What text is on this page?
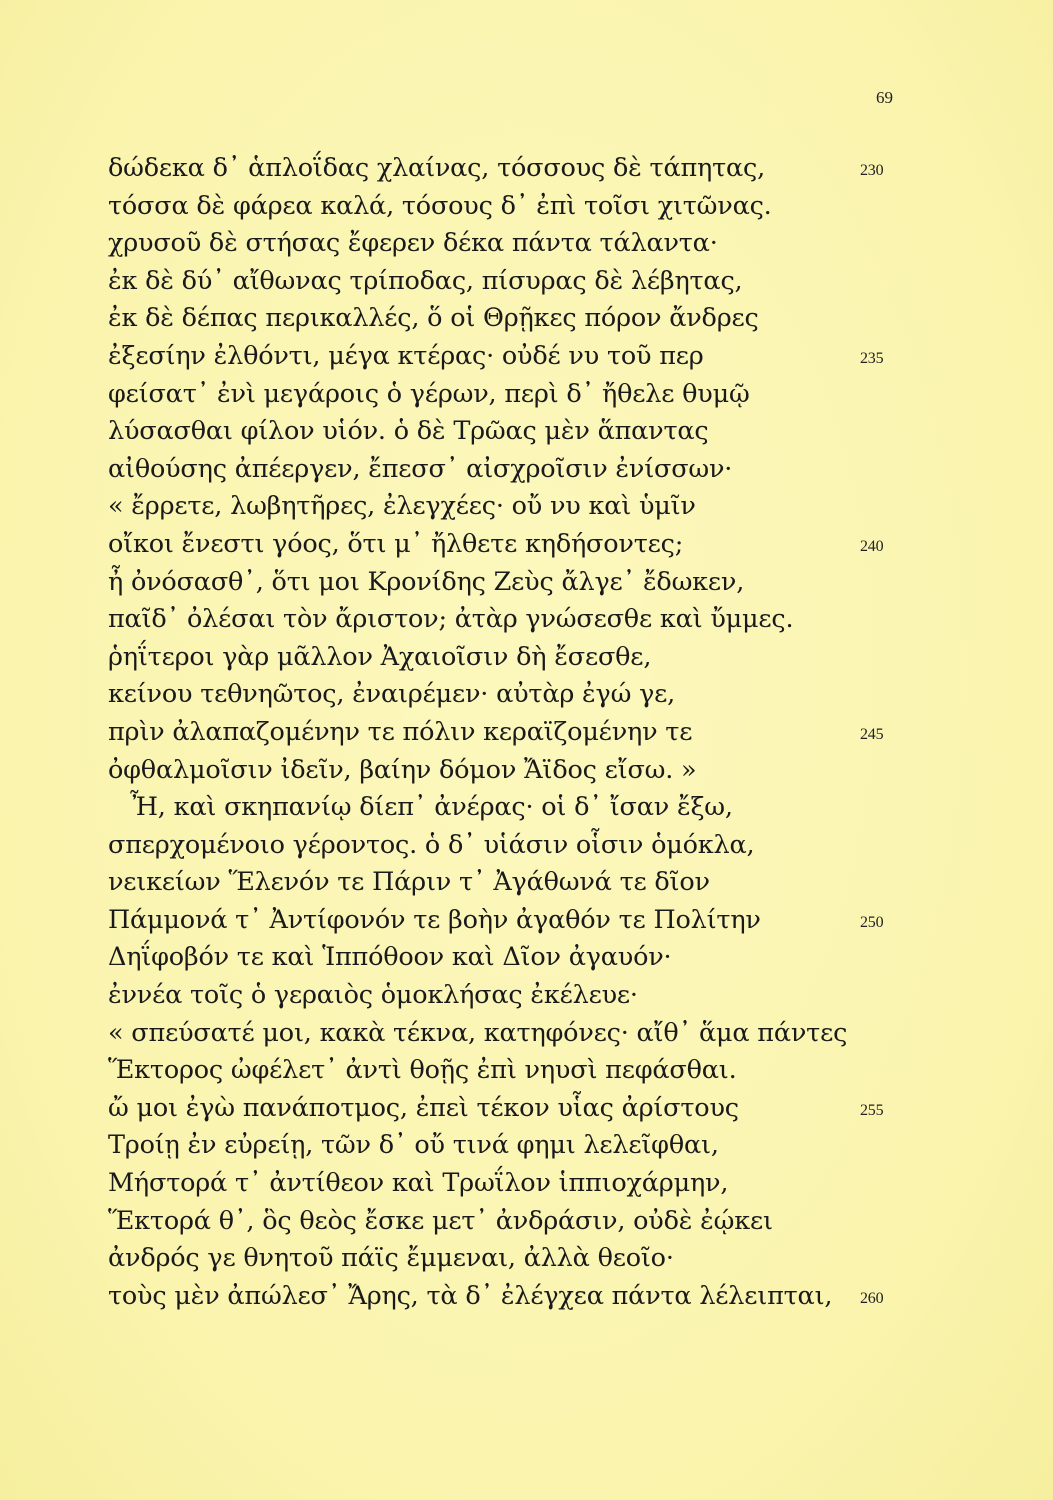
69
δώδεκα δ᾽ ἁπλοΐδας χλαίνας, τόσσους δὲ τάπητας,	230
τόσσα δὲ φάρεα καλά, τόσους δ᾽ ἐπὶ τοῖσι χιτῶνας.
χρυσοῦ δὲ στήσας ἔφερεν δέκα πάντα τάλαντα·
ἐκ δὲ δύ᾽ αἴθωνας τρίποδας, πίσυρας δὲ λέβητας,
ἐκ δὲ δέπας περικαλλές, ὅ οἱ Θρῇκες πόρον ἄνδρες
ἐξεσίην ἐλθόντι, μέγα κτέρας· οὐδέ νυ τοῦ περ	235
φείσατ᾽ ἐνὶ μεγάροις ὁ γέρων, περὶ δ᾽ ἤθελε θυμῷ
λύσασθαι φίλον υἱόν. ὁ δὲ Τρῶας μὲν ἅπαντας
αἰθούσης ἀπέεργεν, ἔπεσσ᾽ αἰσχροῖσιν ἐνίσσων·
« ἔρρετε, λωβητῆρες, ἐλεγχέες· οὔ νυ καὶ ὑμῖν
οἴκοι ἔνεστι γόος, ὅτι μ᾽ ἤλθετε κηδήσοντες;	240
ἦ ὀνόσασθ᾽, ὅτι μοι Κρονίδης Ζεὺς ἄλγε᾽ ἔδωκεν,
παῖδ᾽ ὀλέσαι τὸν ἄριστον; ἀτὰρ γνώσεσθε καὶ ὔμμες.
ῥηΐτεροι γὰρ μᾶλλον Ἀχαιοῖσιν δὴ ἔσεσθε,
κείνου τεθνηῶτος, ἐναιρέμεν· αὐτὰρ ἐγώ γε,
πρὶν ἀλαπαζομένην τε πόλιν κεραϊζομένην τε	245
ὀφθαλμοῖσιν ἰδεῖν, βαίην δόμον Ἄϊδος εἴσω. »
Ἦ, καὶ σκηπανίῳ δίεπ᾽ ἀνέρας· οἱ δ᾽ ἴσαν ἔξω,
σπερχομένοιο γέροντος. ὁ δ᾽ υἱάσιν οἷσιν ὁμόκλα,
νεικείων Ἕλενόν τε Πάριν τ᾽ Ἀγάθωνά τε δῖον
Πάμμονά τ᾽ Ἀντίφονόν τε βοὴν ἀγαθόν τε Πολίτην	250
Δηΐφοβόν τε καὶ Ἱππόθοον καὶ Δῖον ἀγαυόν·
ἐννέα τοῖς ὁ γεραιὸς ὁμοκλήσας ἐκέλευε·
« σπεύσατέ μοι, κακὰ τέκνα, κατηφόνες· αἴθ᾽ ἅμα πάντες
Ἕκτορος ὠφέλετ᾽ ἀντὶ θοῇς ἐπὶ νηυσὶ πεφάσθαι.
ὤ μοι ἐγὼ πανάποτμος, ἐπεὶ τέκον υἷας ἀρίστους	255
Τροίῃ ἐν εὐρείῃ, τῶν δ᾽ οὔ τινά φημι λελεῖφθαι,
Μήστορά τ᾽ ἀντίθεον καὶ Τρωΐλον ἱππιοχάρμην,
Ἕκτορά θ᾽, ὃς θεὸς ἔσκε μετ᾽ ἀνδράσιν, οὐδὲ ἐῴκει
ἀνδρός γε θνητοῦ πάϊς ἔμμεναι, ἀλλὰ θεοῖο·
τοὺς μὲν ἀπώλεσ᾽ Ἄρης, τὰ δ᾽ ἐλέγχεα πάντα λέλειπται, 260
